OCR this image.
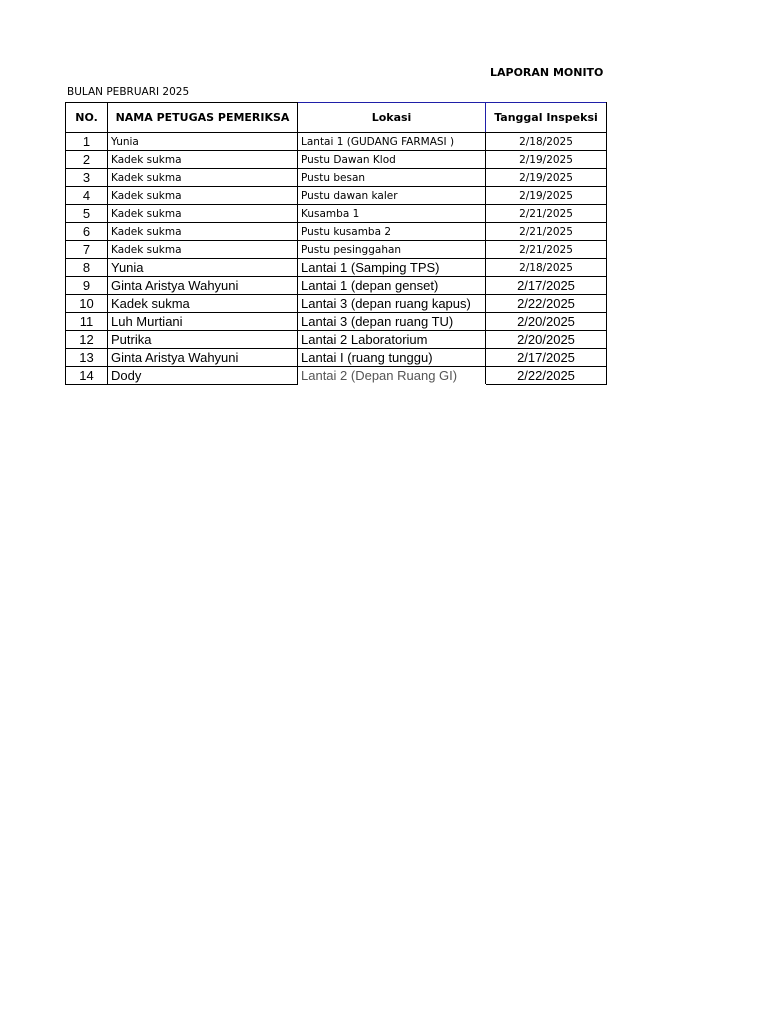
LAPORAN MONITO
BULAN PEBRUARI 2025
NO.	NAMA PETUGAS PEMERIKSA	Lokasi	Tanggal Inspeksi
1	Yunia	Lantai 1 (GUDANG FARMASI )	2/18/2025
2	Kadek sukma	Pustu Dawan Klod	2/19/2025
3	Kadek sukma	Pustu besan	2/19/2025
4	Kadek sukma	Pustu dawan kaler	2/19/2025
5	Kadek sukma	Kusamba 1	2/21/2025
6	Kadek sukma	Pustu kusamba 2	2/21/2025
7	Kadek sukma	Pustu pesinggahan	2/21/2025
8	Yunia	Lantai 1 (Samping TPS)	2/18/2025
9	Ginta Aristya Wahyuni	Lantai 1 (depan genset)	2/17/2025
10	Kadek sukma	Lantai 3 (depan ruang kapus)	2/22/2025
11	Luh Murtiani	Lantai 3 (depan ruang TU)	2/20/2025
12	Putrika	Lantai 2 Laboratorium	2/20/2025
13	Ginta Aristya Wahyuni	Lantai I (ruang tunggu)	2/17/2025
14	Dody	Lantai 2 (Depan Ruang GI)	2/22/2025
